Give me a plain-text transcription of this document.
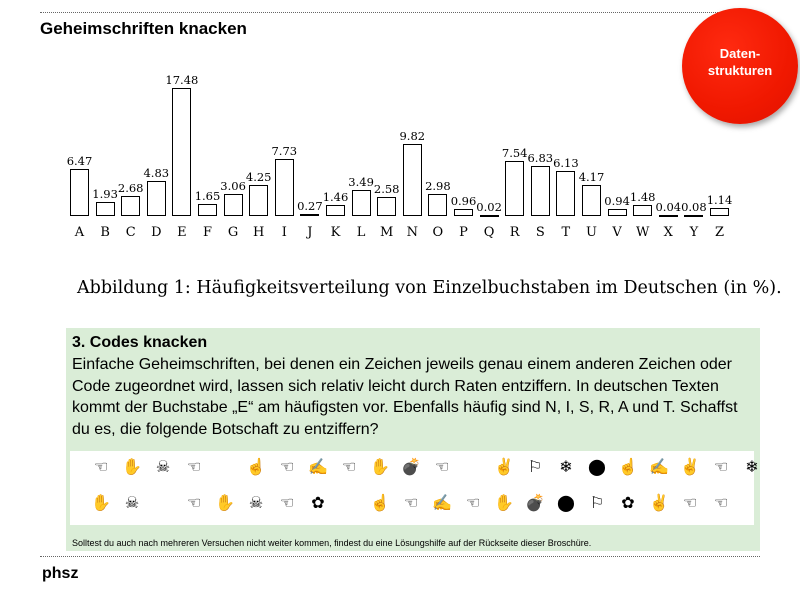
Geheimschriften knacken
Daten-
strukturen
6.47
A
1.93
B
2.68
C
4.83
D
17.48
E
1.65
F
3.06
G
4.25
H
7.73
I
0.27
J
1.46
K
3.49
L
2.58
M
9.82
N
2.98
O
0.96
P
0.02
Q
7.54
R
6.83
S
6.13
T
4.17
U
0.94
V
1.48
W
0.04
X
0.08
Y
1.14
Z
Abbildung 1: Häufigkeitsverteilung von Einzelbuchstaben im Deutschen (in %).
3. Codes knacken
Einfache Geheimschriften, bei denen ein Zeichen jeweils genau einem anderen Zeichen oder Code zugeordnet wird, lassen sich relativ leicht durch Raten entziffern. In deutschen Texten kommt der Buchstabe „E“ am häufigsten vor. Ebenfalls häufig sind N, I, S, R, A und T. Schaffst du es, die folgende Botschaft zu entziffern?
☜ ✋ ☠ ☜	☝ ☜ ✍ ☜ ✋ 💣 ☜	✌ ⚐ ❄ ⬤ ☝ ✍ ✌ ☜ ❄
✋ ☠	☜ ✋ ☠ ☜ ✿	☝ ☜ ✍ ☜ ✋ 💣 ⬤ ⚐ ✿ ✌ ☜ ☜
Solltest du auch nach mehreren Versuchen nicht weiter kommen, findest du eine Lösungshilfe auf der Rückseite dieser Broschüre.
phsz
